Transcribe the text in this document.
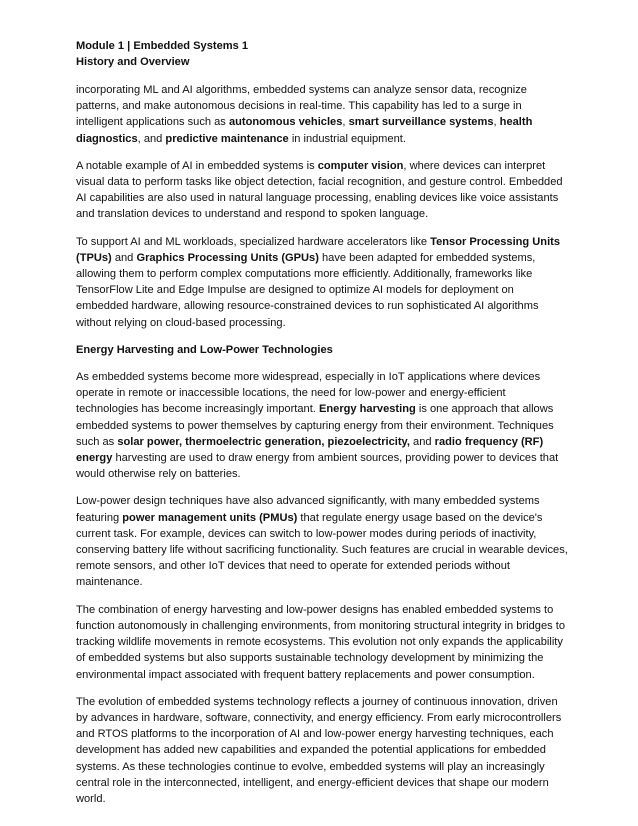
Module 1 | Embedded Systems 1
History and Overview

incorporating ML and AI algorithms, embedded systems can analyze sensor data, recognize patterns, and make autonomous decisions in real-time. This capability has led to a surge in intelligent applications such as autonomous vehicles, smart surveillance systems, health diagnostics, and predictive maintenance in industrial equipment.

A notable example of AI in embedded systems is computer vision, where devices can interpret visual data to perform tasks like object detection, facial recognition, and gesture control. Embedded AI capabilities are also used in natural language processing, enabling devices like voice assistants and translation devices to understand and respond to spoken language.

To support AI and ML workloads, specialized hardware accelerators like Tensor Processing Units (TPUs) and Graphics Processing Units (GPUs) have been adapted for embedded systems, allowing them to perform complex computations more efficiently. Additionally, frameworks like TensorFlow Lite and Edge Impulse are designed to optimize AI models for deployment on embedded hardware, allowing resource-constrained devices to run sophisticated AI algorithms without relying on cloud-based processing.

Energy Harvesting and Low-Power Technologies

As embedded systems become more widespread, especially in IoT applications where devices operate in remote or inaccessible locations, the need for low-power and energy-efficient technologies has become increasingly important. Energy harvesting is one approach that allows embedded systems to power themselves by capturing energy from their environment. Techniques such as solar power, thermoelectric generation, piezoelectricity, and radio frequency (RF) energy harvesting are used to draw energy from ambient sources, providing power to devices that would otherwise rely on batteries.

Low-power design techniques have also advanced significantly, with many embedded systems featuring power management units (PMUs) that regulate energy usage based on the device's current task. For example, devices can switch to low-power modes during periods of inactivity, conserving battery life without sacrificing functionality. Such features are crucial in wearable devices, remote sensors, and other IoT devices that need to operate for extended periods without maintenance.

The combination of energy harvesting and low-power designs has enabled embedded systems to function autonomously in challenging environments, from monitoring structural integrity in bridges to tracking wildlife movements in remote ecosystems. This evolution not only expands the applicability of embedded systems but also supports sustainable technology development by minimizing the environmental impact associated with frequent battery replacements and power consumption.

The evolution of embedded systems technology reflects a journey of continuous innovation, driven by advances in hardware, software, connectivity, and energy efficiency. From early microcontrollers and RTOS platforms to the incorporation of AI and low-power energy harvesting techniques, each development has added new capabilities and expanded the potential applications for embedded systems. As these technologies continue to evolve, embedded systems will play an increasingly central role in the interconnected, intelligent, and energy-efficient devices that shape our modern world.
